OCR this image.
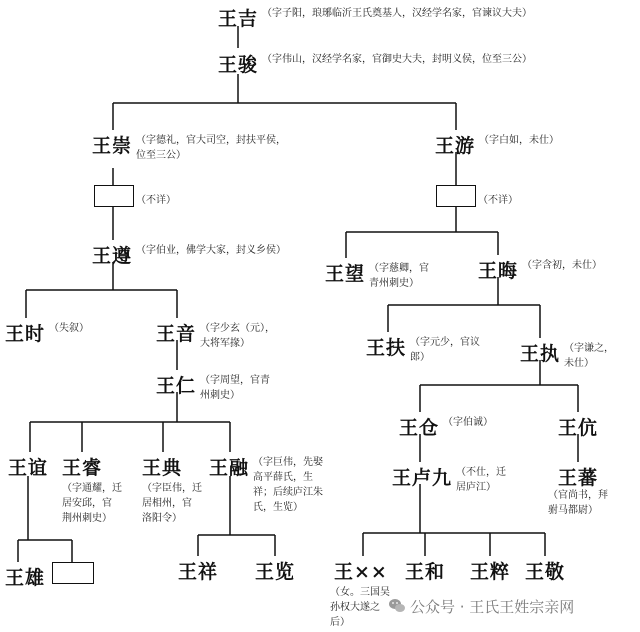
王吉 （字子阳，琅琊临沂王氏奠基人，汉经学名家，官谏议大夫）
王骏 （字伟山，汉经学名家，官御史大夫，封明义侯，位至三公）
王崇 （字德礼，官大司空，封扶平侯，
位至三公）	王游 （字白如，未仕）
（不详）	（不详）
王遵 （字伯业，佛学大家，封义乡侯）
王望 （字慈卿，官
青州刺史）
王晦 （字含初，未仕）
王时 （失叙）	王音 （字少玄（元），
大将军掾）	王扶 （字元少，官议
郎）	王执 （字谦之，
未仕）
王仁 （字周望，官青
州刺史）
王仓 （字伯诚）	王伉
王谊 王睿
（字通耀，迁
居安邱，官
荆州刺史）
王典
（字臣伟，迁
居相州，官
洛阳令）
王融 （字巨伟，先娶
高平薛氏，生
祥；后续庐江朱
氏，生览）
王卢九 （不仕，迁
居庐江）	王蕃
（官尚书，拜
驸马都尉）
王雄	王祥 王览 王××
（女。三国吴
孙权大遂之
后）
王和 王粹 王敬
公众号 · 王氏王姓宗亲网
